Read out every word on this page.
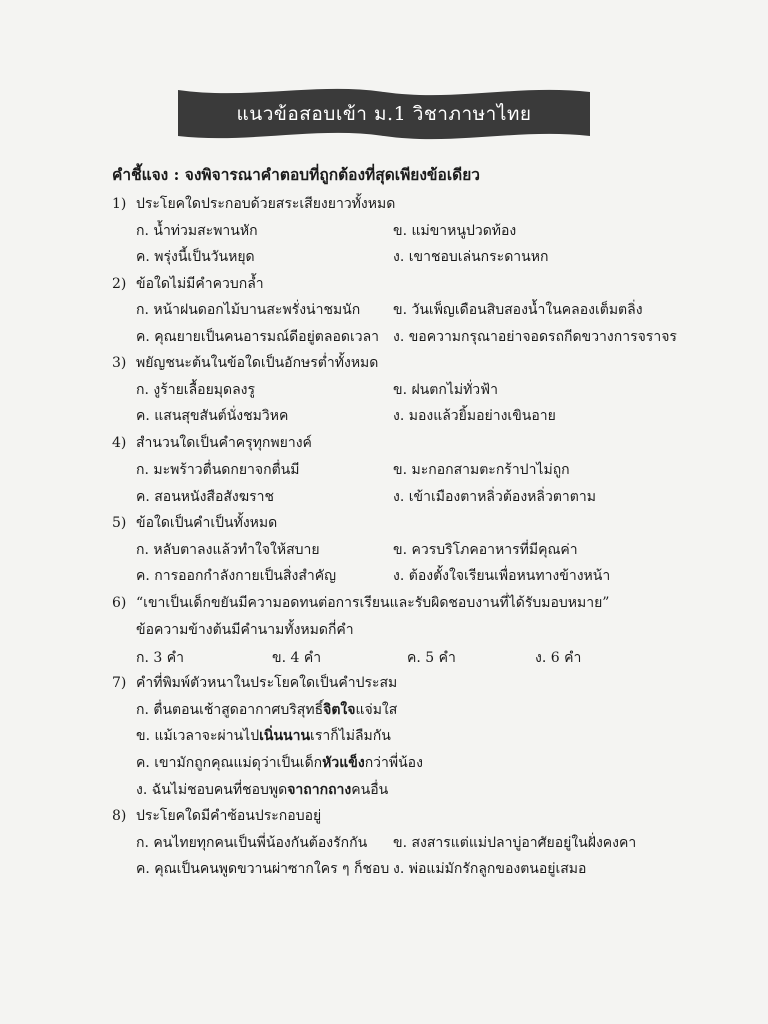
แนวข้อสอบเข้า ม.1 วิชาภาษาไทย
คำชี้แจง : จงพิจารณาคำตอบที่ถูกต้องที่สุดเพียงข้อเดียว
1) ประโยคใดประกอบด้วยสระเสียงยาวทั้งหมด
ก. น้ำท่วมสะพานหัก	ข. แม่ขาหนูปวดท้อง
ค. พรุ่งนี้เป็นวันหยุด	ง. เขาชอบเล่นกระดานหก
2) ข้อใดไม่มีคำควบกล้ำ
ก. หน้าฝนดอกไม้บานสะพรั่งน่าชมนัก ข. วันเพ็ญเดือนสิบสองน้ำในคลองเต็มตลิ่ง
ค. คุณยายเป็นคนอารมณ์ดีอยู่ตลอดเวลา ง. ขอความกรุณาอย่าจอดรถกีดขวางการจราจร
3) พยัญชนะต้นในข้อใดเป็นอักษรต่ำทั้งหมด
ก. งูร้ายเลื้อยมุดลงรู	ข. ฝนตกไม่ทั่วฟ้า
ค. แสนสุขสันต์นั่งชมวิหค	ง. มองแล้วยิ้มอย่างเขินอาย
4) สำนวนใดเป็นคำครุทุกพยางค์
ก. มะพร้าวตื่นดกยาจกตื่นมี	ข. มะกอกสามตะกร้าปาไม่ถูก
ค. สอนหนังสือสังฆราช	ง. เข้าเมืองตาหลิ่วต้องหลิ่วตาตาม
5) ข้อใดเป็นคำเป็นทั้งหมด
ก. หลับตาลงแล้วทำใจให้สบาย	ข. ควรบริโภคอาหารที่มีคุณค่า
ค. การออกกำลังกายเป็นสิ่งสำคัญ	ง. ต้องตั้งใจเรียนเพื่อหนทางข้างหน้า
6) “เขาเป็นเด็กขยันมีความอดทนต่อการเรียนและรับผิดชอบงานที่ได้รับมอบหมาย”
ข้อความข้างต้นมีคำนามทั้งหมดกี่คำ
ก. 3 คำ	ข. 4 คำ	ค. 5 คำ	ง. 6 คำ
7) คำที่พิมพ์ตัวหนาในประโยคใดเป็นคำประสม
ก. ตื่นตอนเช้าสูดอากาศบริสุทธิ์จิตใจแจ่มใส
ข. แม้เวลาจะผ่านไปเนิ่นนานเราก็ไม่ลืมกัน
ค. เขามักถูกคุณแม่ดุว่าเป็นเด็กหัวแข็งกว่าพี่น้อง
ง. ฉันไม่ชอบคนที่ชอบพูดจาถากถางคนอื่น
8) ประโยคใดมีคำซ้อนประกอบอยู่
ก. คนไทยทุกคนเป็นพี่น้องกันต้องรักกัน ข. สงสารแต่แม่ปลาบู่อาศัยอยู่ในฝั่งคงคา
ค. คุณเป็นคนพูดขวานผ่าซากใคร ๆ ก็ชอบ ง. พ่อแม่มักรักลูกของตนอยู่เสมอ
